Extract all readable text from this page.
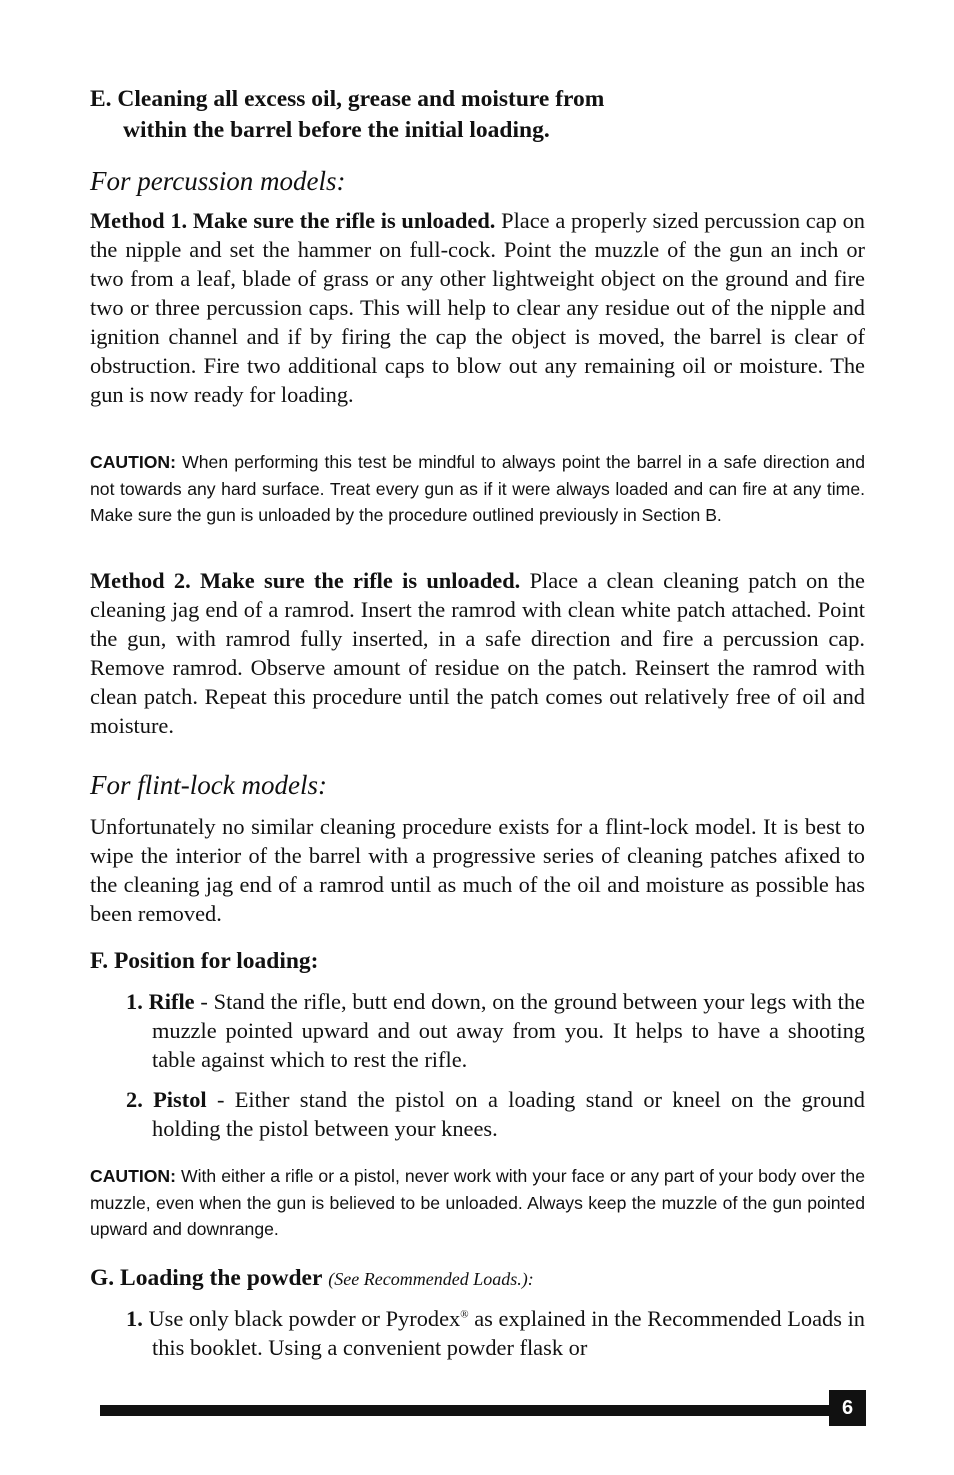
E. Cleaning all excess oil, grease and moisture from
within the barrel before the initial loading.
For percussion models:
Method 1. Make sure the rifle is unloaded. Place a properly sized percussion cap on the nipple and set the hammer on full-cock. Point the muzzle of the gun an inch or two from a leaf, blade of grass or any other lightweight object on the ground and fire two or three percussion caps. This will help to clear any residue out of the nipple and ignition channel and if by firing the cap the object is moved, the barrel is clear of obstruction. Fire two additional caps to blow out any remaining oil or moisture. The gun is now ready for loading.
CAUTION: When performing this test be mindful to always point the barrel in a safe direction and not towards any hard surface. Treat every gun as if it were always loaded and can fire at any time. Make sure the gun is unloaded by the procedure outlined previously in Section B.
Method 2. Make sure the rifle is unloaded. Place a clean cleaning patch on the cleaning jag end of a ramrod. Insert the ramrod with clean white patch attached. Point the gun, with ramrod fully inserted, in a safe direction and fire a percussion cap. Remove ramrod. Observe amount of residue on the patch. Reinsert the ramrod with clean patch. Repeat this procedure until the patch comes out relatively free of oil and moisture.
For flint-lock models:
Unfortunately no similar cleaning procedure exists for a flint-lock model. It is best to wipe the interior of the barrel with a progressive series of cleaning patches afixed to the cleaning jag end of a ramrod until as much of the oil and moisture as possible has been removed.
F. Position for loading:
1. Rifle - Stand the rifle, butt end down, on the ground between your legs with the muzzle pointed upward and out away from you. It helps to have a shooting table against which to rest the rifle.
2. Pistol - Either stand the pistol on a loading stand or kneel on the ground holding the pistol between your knees.
CAUTION: With either a rifle or a pistol, never work with your face or any part of your body over the muzzle, even when the gun is believed to be unloaded. Always keep the muzzle of the gun pointed upward and downrange.
G. Loading the powder (See Recommended Loads.):
1. Use only black powder or Pyrodex® as explained in the Recommended Loads in this booklet. Using a convenient powder flask or
6
